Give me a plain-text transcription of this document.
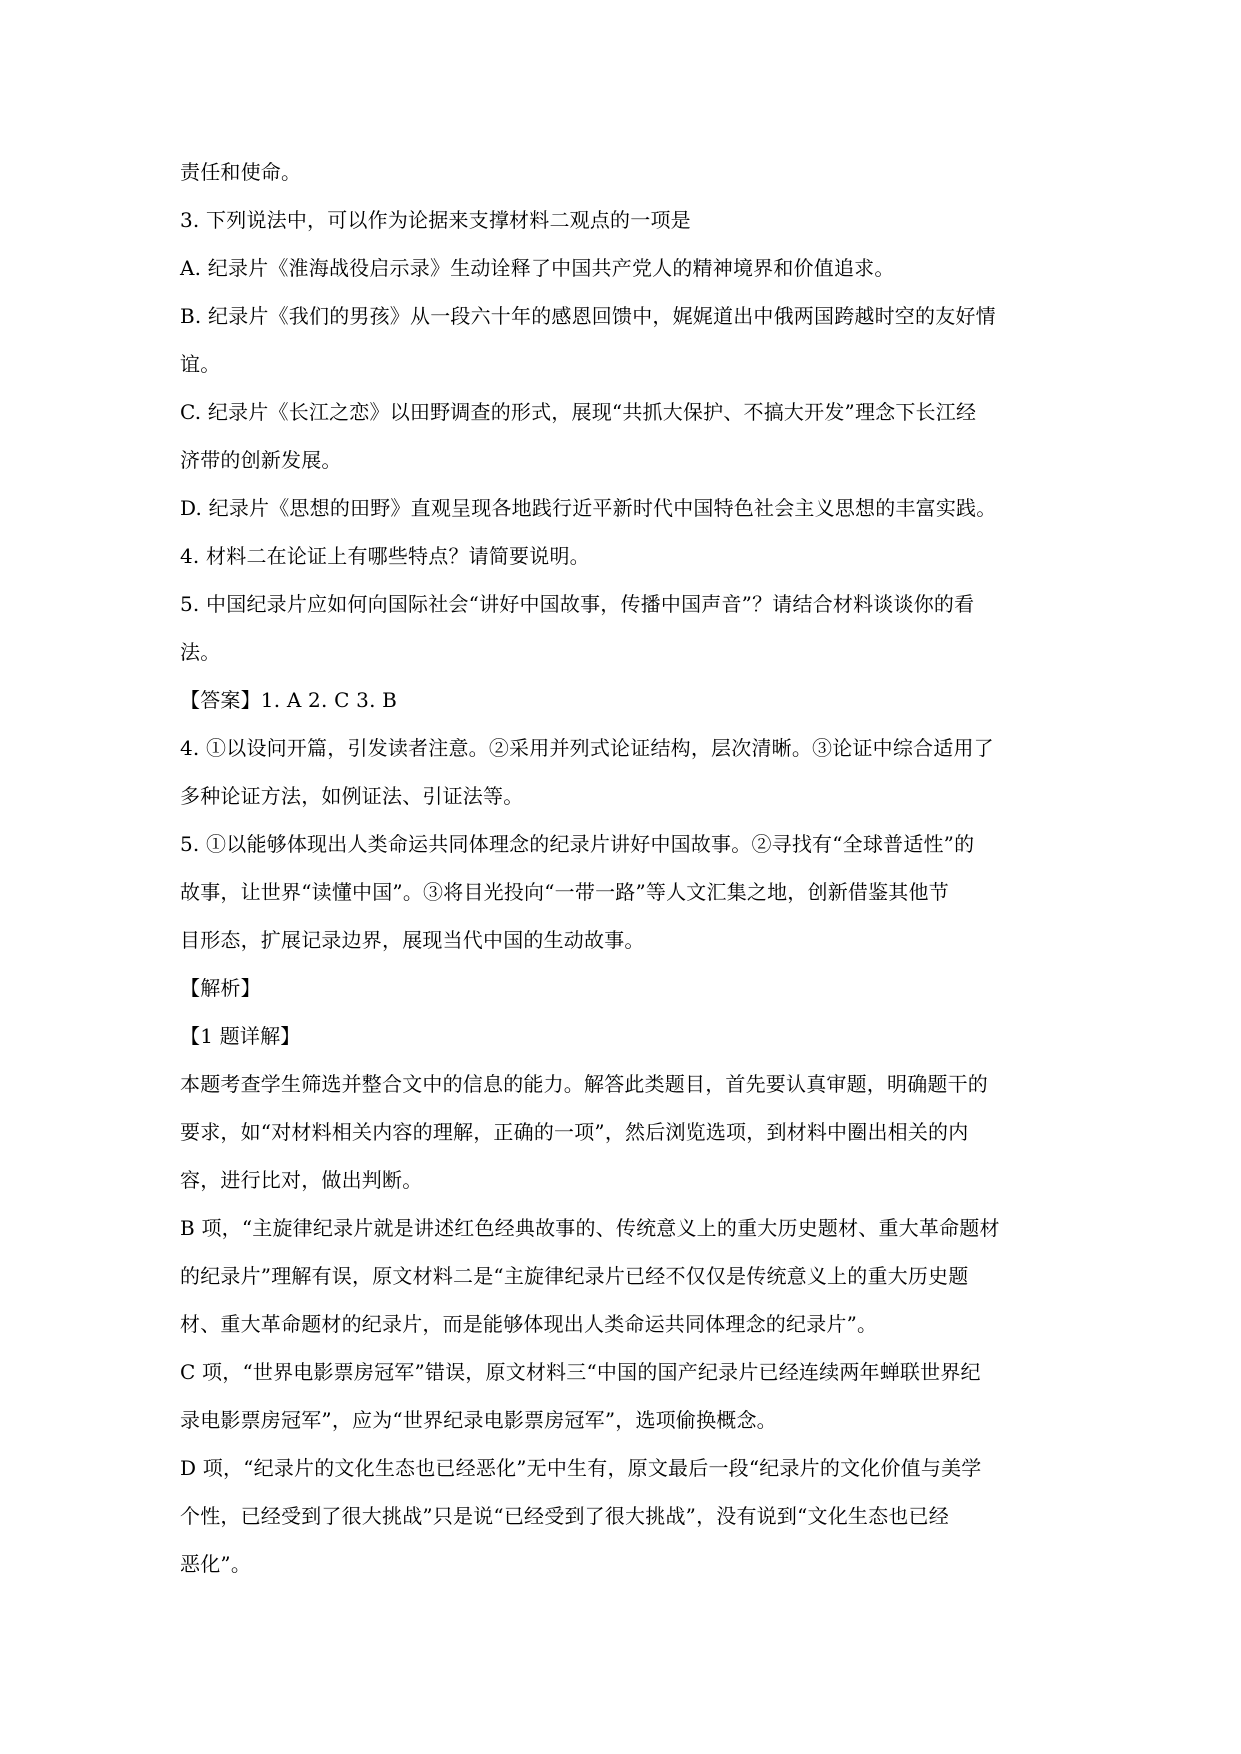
责任和使命。
3. 下列说法中，可以作为论据来支撑材料二观点的一项是
A. 纪录片《淮海战役启示录》生动诠释了中国共产党人的精神境界和价值追求。
B. 纪录片《我们的男孩》从一段六十年的感恩回馈中，娓娓道出中俄两国跨越时空的友好情
谊。
C. 纪录片《长江之恋》以田野调查的形式，展现“共抓大保护、不搞大开发”理念下长江经
济带的创新发展。
D. 纪录片《思想的田野》直观呈现各地践行近平新时代中国特色社会主义思想的丰富实践。
4. 材料二在论证上有哪些特点？请简要说明。
5. 中国纪录片应如何向国际社会“讲好中国故事，传播中国声音”？请结合材料谈谈你的看
法。
【答案】1. A 2. C 3. B
4. ①以设问开篇，引发读者注意。②采用并列式论证结构，层次清晰。③论证中综合适用了
多种论证方法，如例证法、引证法等。
5. ①以能够体现出人类命运共同体理念的纪录片讲好中国故事。②寻找有“全球普适性”的
故事，让世界“读懂中国”。③将目光投向“一带一路”等人文汇集之地，创新借鉴其他节
目形态，扩展记录边界，展现当代中国的生动故事。
【解析】
【1 题详解】
本题考查学生筛选并整合文中的信息的能力。解答此类题目，首先要认真审题，明确题干的
要求，如“对材料相关内容的理解，正确的一项”，然后浏览选项，到材料中圈出相关的内
容，进行比对，做出判断。
B 项，“主旋律纪录片就是讲述红色经典故事的、传统意义上的重大历史题材、重大革命题材
的纪录片”理解有误，原文材料二是“主旋律纪录片已经不仅仅是传统意义上的重大历史题
材、重大革命题材的纪录片，而是能够体现出人类命运共同体理念的纪录片”。
C 项，“世界电影票房冠军”错误，原文材料三“中国的国产纪录片已经连续两年蝉联世界纪
录电影票房冠军”，应为“世界纪录电影票房冠军”，选项偷换概念。
D 项，“纪录片的文化生态也已经恶化”无中生有，原文最后一段“纪录片的文化价值与美学
个性，已经受到了很大挑战”只是说“已经受到了很大挑战”，没有说到“文化生态也已经
恶化”。
